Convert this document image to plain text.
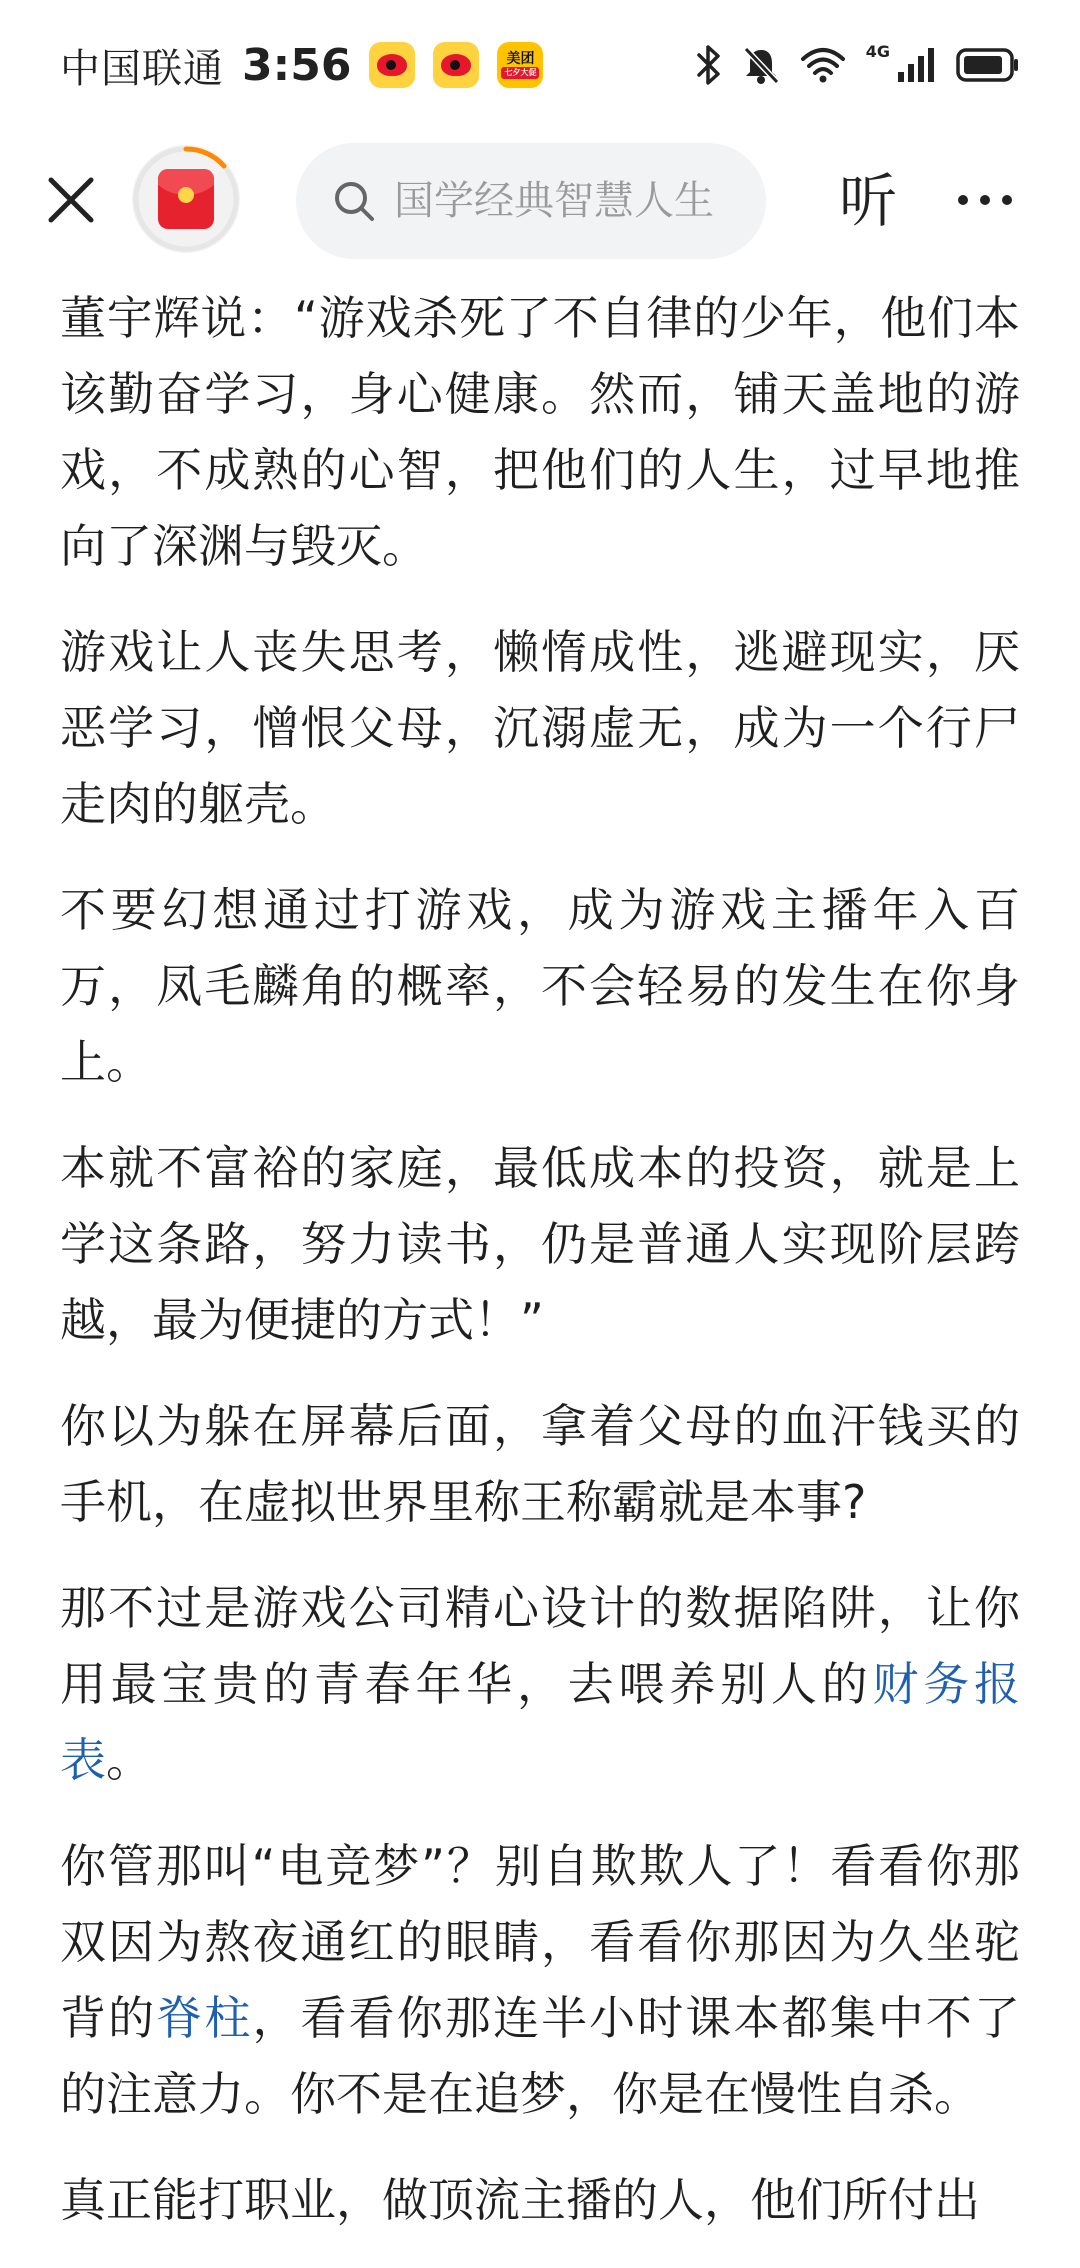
中国联通 3:56	美团
七夕大促
4G
国学经典智慧人生
听

董宇辉说：“游戏杀死了不自律的少年，他们本该勤奋学习，身心健康。然而，铺天盖地的游戏，不成熟的心智，把他们的人生，过早地推向了深渊与毁灭。

游戏让人丧失思考，懒惰成性，逃避现实，厌恶学习，憎恨父母，沉溺虚无，成为一个行尸走肉的躯壳。

不要幻想通过打游戏，成为游戏主播年入百万，凤毛麟角的概率，不会轻易的发生在你身上。

本就不富裕的家庭，最低成本的投资，就是上学这条路，努力读书，仍是普通人实现阶层跨越，最为便捷的方式！”

你以为躲在屏幕后面，拿着父母的血汗钱买的手机，在虚拟世界里称王称霸就是本事?

那不过是游戏公司精心设计的数据陷阱，让你用最宝贵的青春年华，去喂养别人的财务报表。

你管那叫“电竞梦”？别自欺欺人了！看看你那双因为熬夜通红的眼睛，看看你那因为久坐驼背的脊柱，看看你那连半小时课本都集中不了的注意力。你不是在追梦，你是在慢性自杀。

真正能打职业，做顶流主播的人，他们所付出
